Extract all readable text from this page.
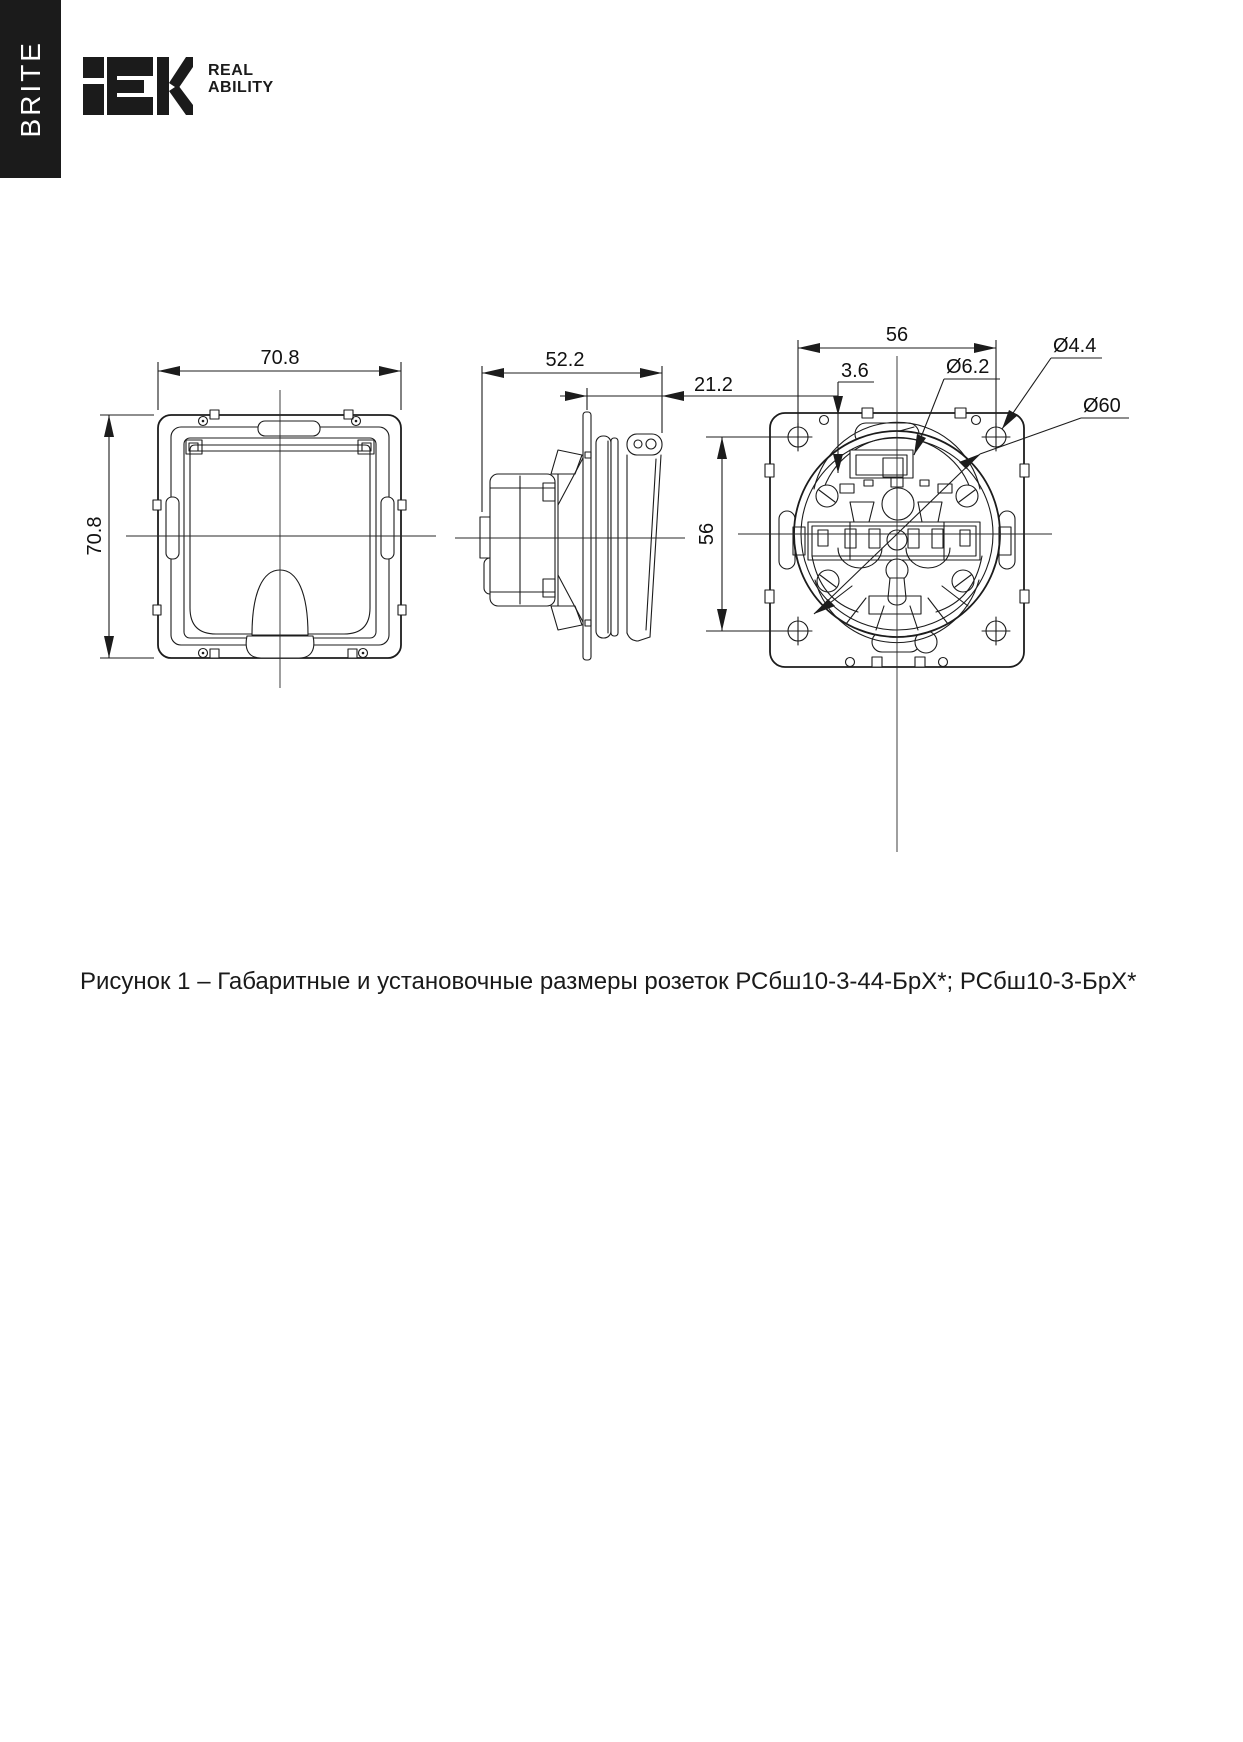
BRITE	REAL
ABILITY
70.8
70.8
52.2
21.2
56
56
3.6	Ø6.2
Ø4.4
Ø60

Рисунок 1 – Габаритные и установочные размеры розеток РСбш10-3-44-БрХ*; РСбш10-3-БрХ*
